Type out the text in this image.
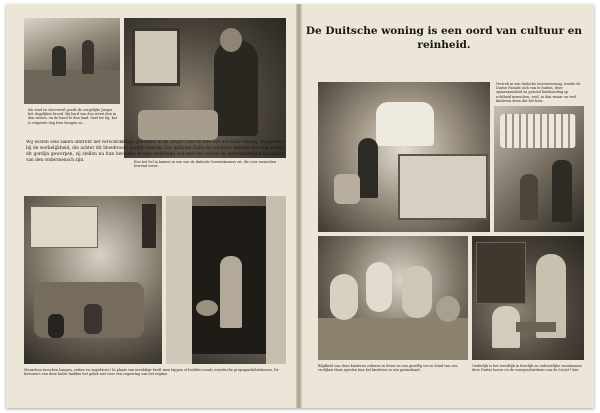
Als eind en sterverval goede de zorgelijke Jaeger het dagelijkse brood. Bij hard van den werst den in den rusten, en de hand te den land. Snel ter lig, kat is volgende dag leen heugen zo...

Een het hel in kamen in een van de duitsche boerenkamers zit, die voor menschen leerend zeeer...

Wij wisten vele zaken omtrent het verschrikkelijk gebeuren in de Sovjet Unie en hoe wat het maar weinig, vergeleken bij de werkelijkheid, die achter dit bloedroode gordijn heerde. Zes millioen Duitsche soldaten hebben een blik achter dit gordijn geworpen, zij stellen nu hun bevinken in hun vaderland ook met het woord de onverbiddelijke bewoners van den ondermensch zijn.

Menschen tusschen lompen, ratten en ongedierte! In plaats van meubilair heeft men lappen of bedden zooals sovjetische propagandafotokenen. De bewoners van deze holen hadden het geluk niet voor een regeering van het regime.

De Duitsche woning is een oord van cultuur en reinheid.

Vertrek in een duitsche boerenwoning, wonde de Duitse Familie zich van te buiten, deze spaarzaamheid en gezond huishouding op echtheid menschen, veel, in dan zwaar en veel kinderen doen dat het huis.

Blijdheid van deze kinderen zekeren in leven en een gezellig tot en bond van een vrolijken thuis speelen hun hel kinderen in een gezinsband.

Ouderlijk is het vreedlijk in heerlijk en ordentelijke woonkamer, deze Duitse hoeve en de voorgeschiedenis van de Sovjet Unie.
